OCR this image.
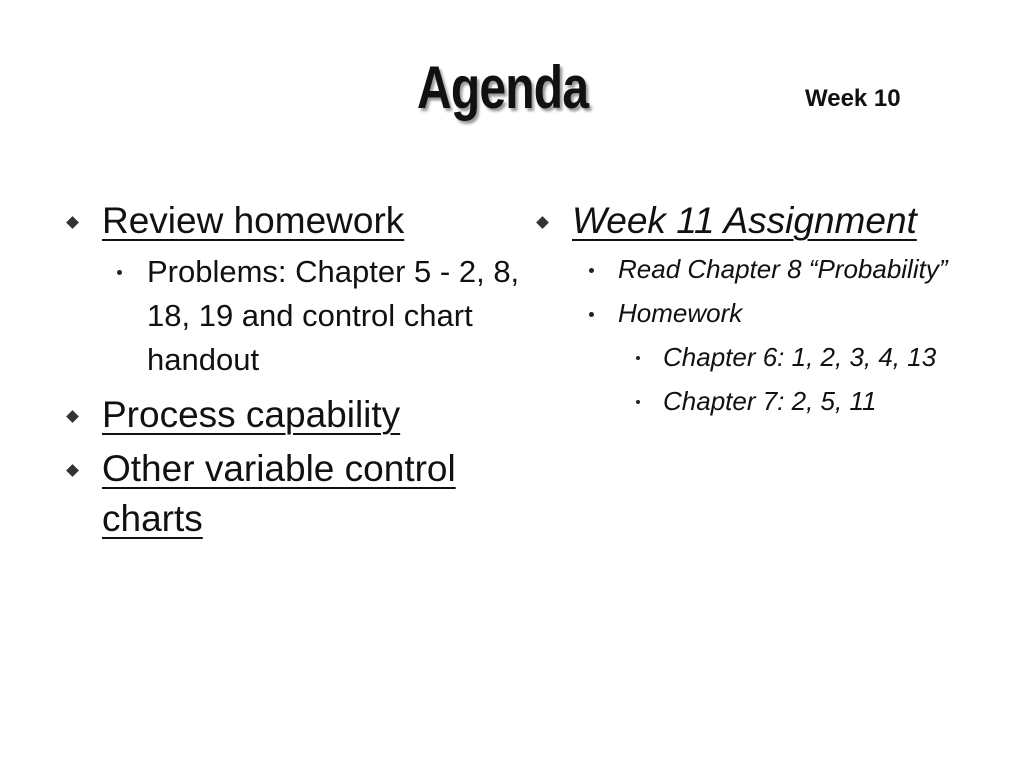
Agenda	Week 10
Review homework
Problems: Chapter 5 - 2, 8, 18, 19 and control chart handout
Process capability
Other variable control charts
Week 11 Assignment
Read Chapter 8 “Probability”
Homework
Chapter 6: 1, 2, 3, 4, 13
Chapter 7: 2, 5, 11
